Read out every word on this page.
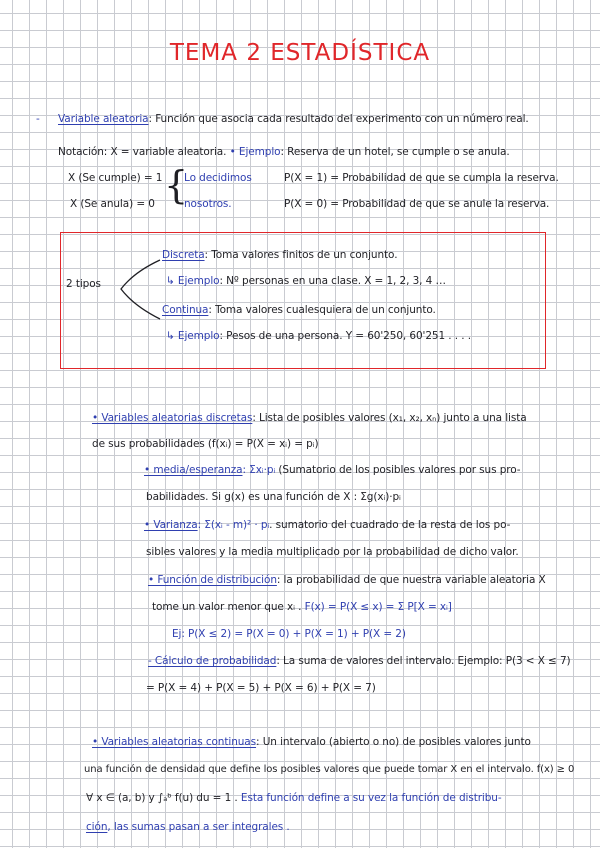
TEMA 2 ESTADÍSTICA
- Variable aleatoria: Función que asocia cada resultado del experimento con un número real.
Notación: X = variable aleatoria. • Ejemplo: Reserva de un hotel, se cumple o se anula.
X (Se cumple) = 1
X (Se anula) = 0 {
Lo decidimos
nosotros.
P(X = 1) = Probabilidad de que se cumpla la reserva.
P(X = 0) = Probabilidad de que se anule la reserva.
2 tipos
Discreta: Toma valores finitos de un conjunto.
↳ Ejemplo: Nº personas en una clase. X = 1, 2, 3, 4 …
Continua: Toma valores cualesquiera de un conjunto.
↳ Ejemplo: Pesos de una persona. Y = 60'250, 60'251 . . . .
• Variables aleatorias discretas: Lista de posibles valores (x₁, x₂, xₙ) junto a una lista
de sus probabilidades (f(xᵢ) = P(X = xᵢ) = pᵢ)
• media/esperanza: Σxᵢ·pᵢ (Sumatorio de los posibles valores por sus pro-
babilidades. Si g(x) es una función de X : Σg(xᵢ)·pᵢ
• Varianza: Σ(xᵢ - m)² · pᵢ. sumatorio del cuadrado de la resta de los po-
sibles valores y la media multiplicado por la probabilidad de dicho valor.
• Función de distribución: la probabilidad de que nuestra variable aleatoria X
tome un valor menor que xᵢ . F(x) = P(X ≤ x) = Σ P[X = xᵢ]
Ej: P(X ≤ 2) = P(X = 0) + P(X = 1) + P(X = 2)
- Cálculo de probabilidad: La suma de valores del intervalo. Ejemplo: P(3 < X ≤ 7)
= P(X = 4) + P(X = 5) + P(X = 6) + P(X = 7)
• Variables aleatorias continuas: Un intervalo (abierto o no) de posibles valores junto
una función de densidad que define los posibles valores que puede tomar X en el intervalo. f(x) ≥ 0
∀ x ∈ (a, b) y ∫ₐᵇ f(u) du = 1 . Esta función define a su vez la función de distribu-
ción, las sumas pasan a ser integrales .
